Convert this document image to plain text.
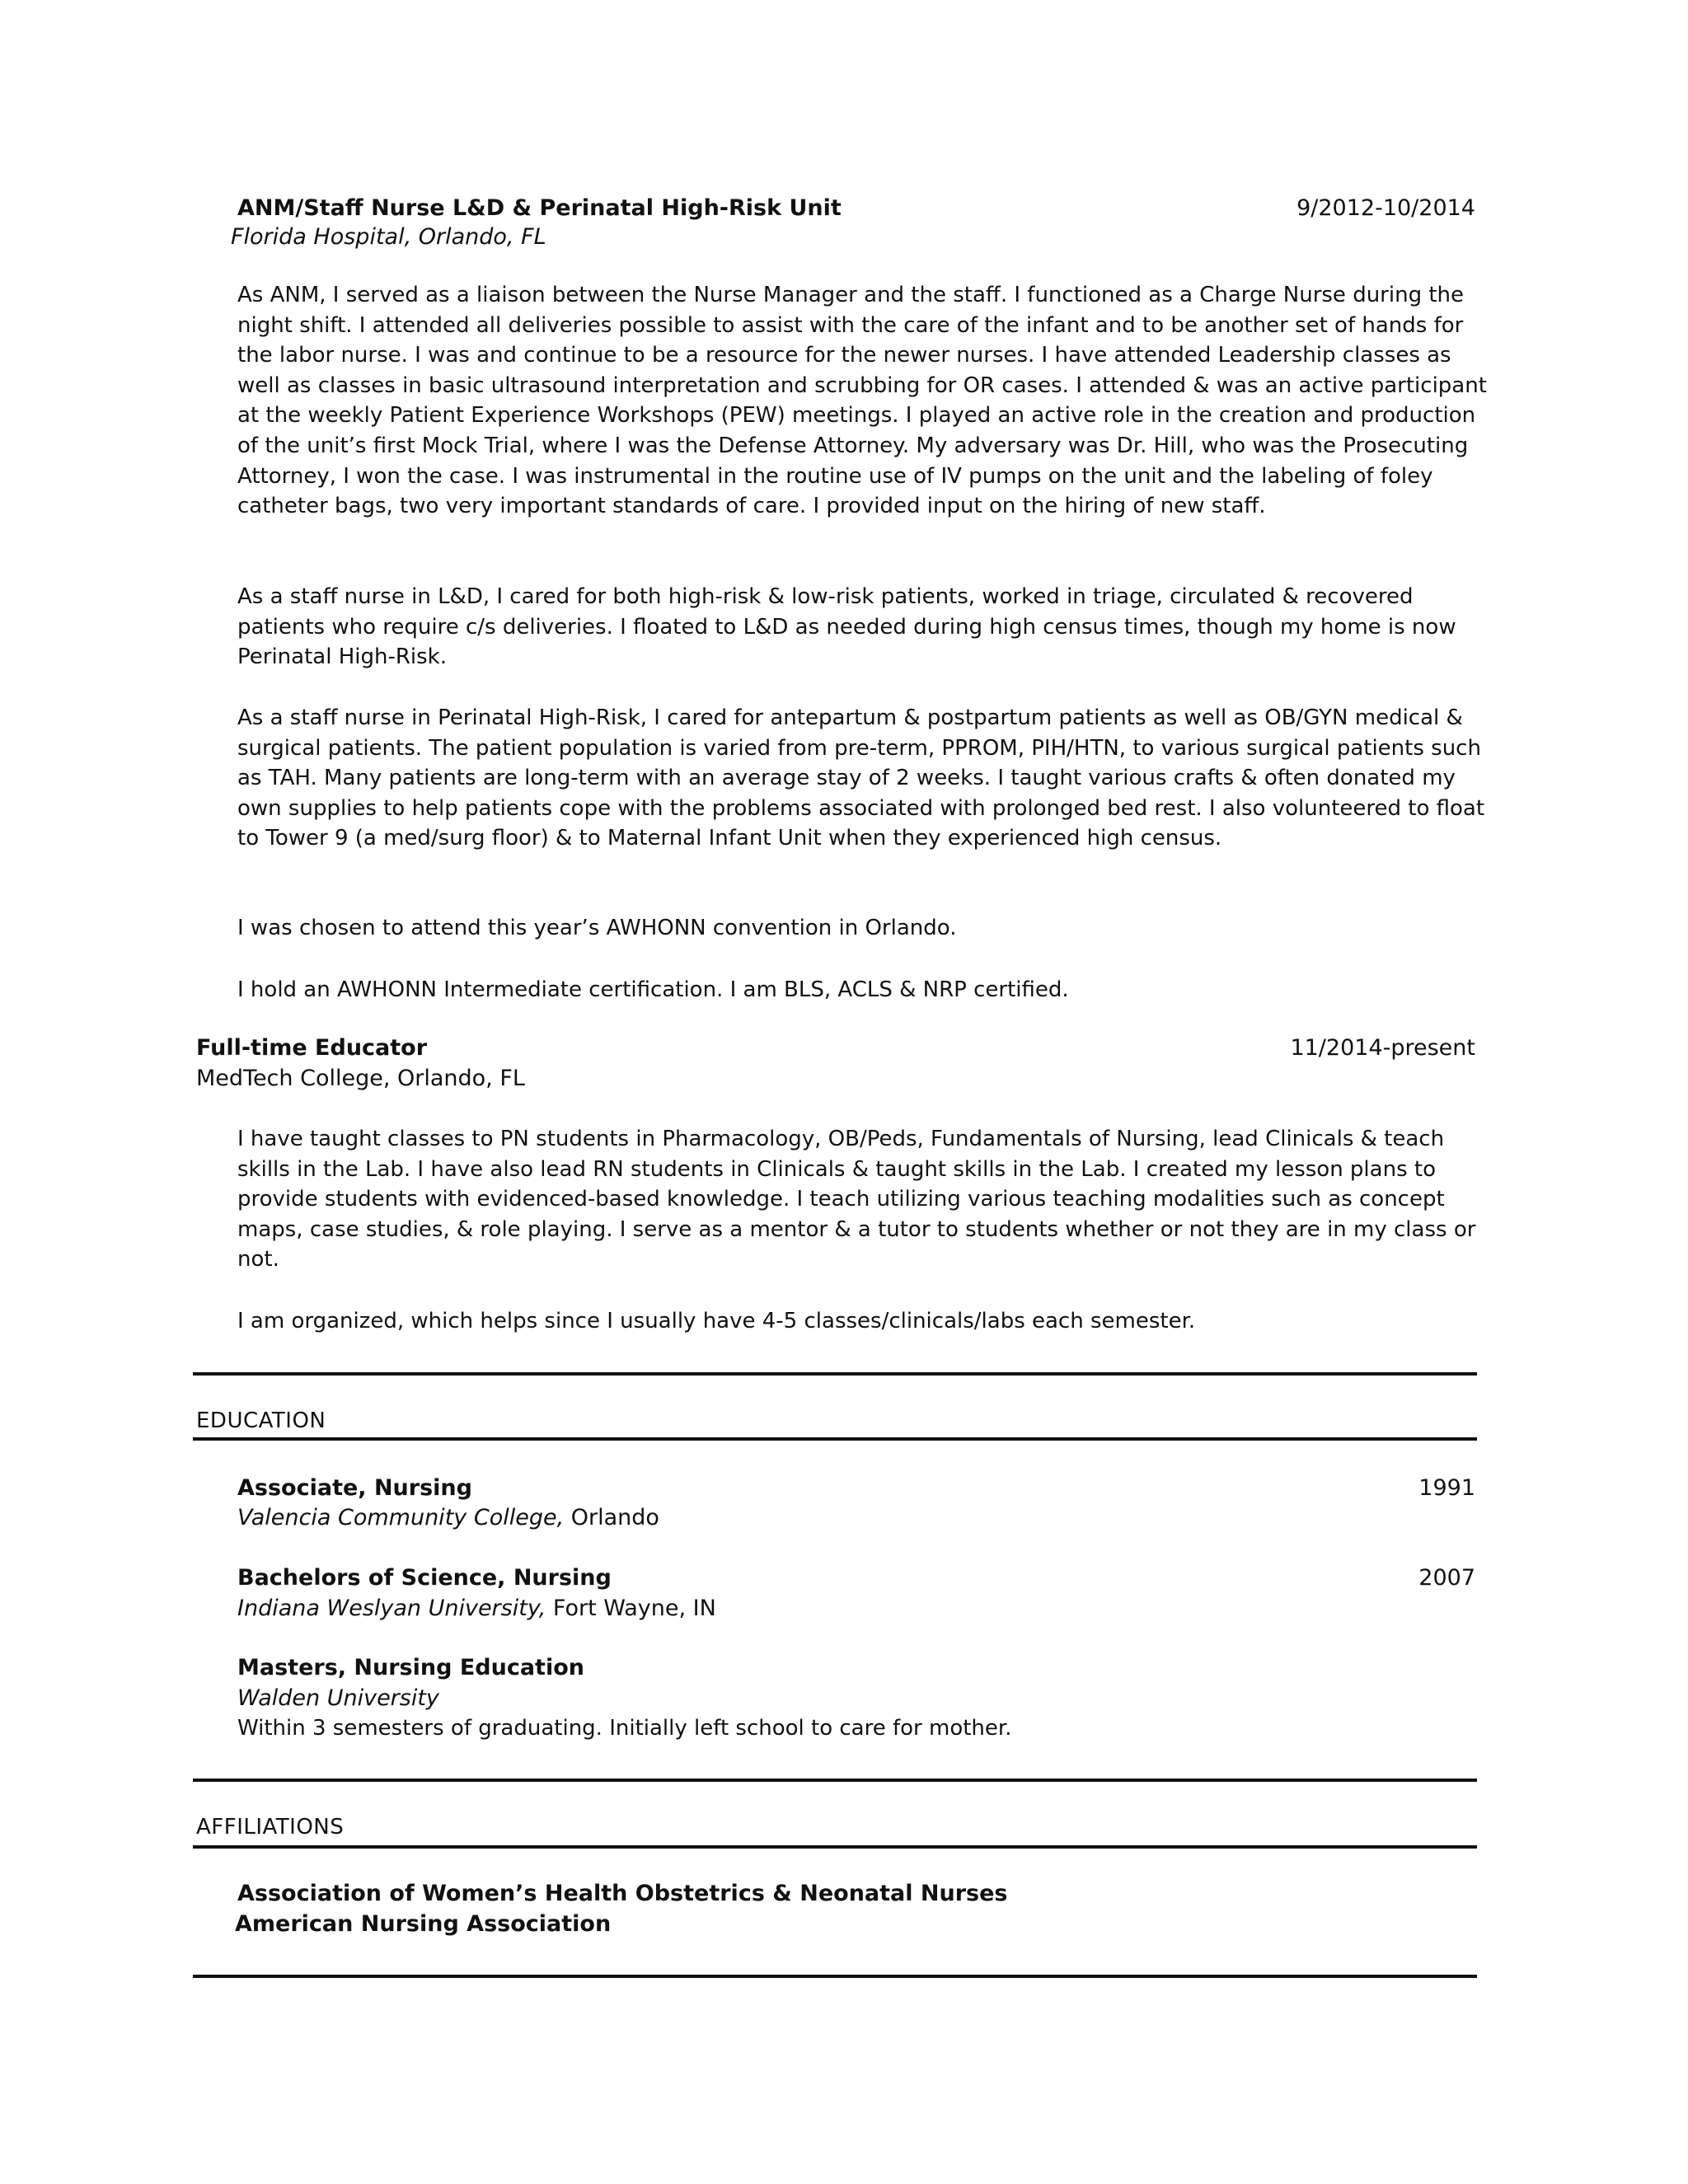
ANM/Staff Nurse L&D & Perinatal High-Risk Unit	9/2012-10/2014
Florida Hospital, Orlando, FL
As ANM, I served as a liaison between the Nurse Manager and the staff. I functioned as a Charge Nurse during the night shift. I attended all deliveries possible to assist with the care of the infant and to be another set of hands for the labor nurse. I was and continue to be a resource for the newer nurses. I have attended Leadership classes as well as classes in basic ultrasound interpretation and scrubbing for OR cases. I attended & was an active participant at the weekly Patient Experience Workshops (PEW) meetings. I played an active role in the creation and production of the unit’s first Mock Trial, where I was the Defense Attorney. My adversary was Dr. Hill, who was the Prosecuting Attorney, I won the case. I was instrumental in the routine use of IV pumps on the unit and the labeling of foley catheter bags, two very important standards of care. I provided input on the hiring of new staff.
As a staff nurse in L&D, I cared for both high-risk & low-risk patients, worked in triage, circulated & recovered patients who require c/s deliveries. I floated to L&D as needed during high census times, though my home is now Perinatal High-Risk.
As a staff nurse in Perinatal High-Risk, I cared for antepartum & postpartum patients as well as OB/GYN medical & surgical patients. The patient population is varied from pre-term, PPROM, PIH/HTN, to various surgical patients such as TAH. Many patients are long-term with an average stay of 2 weeks. I taught various crafts & often donated my own supplies to help patients cope with the problems associated with prolonged bed rest. I also volunteered to float to Tower 9 (a med/surg floor) & to Maternal Infant Unit when they experienced high census.
I was chosen to attend this year’s AWHONN convention in Orlando.
I hold an AWHONN Intermediate certification. I am BLS, ACLS & NRP certified.
Full-time Educator	11/2014-present
MedTech College, Orlando, FL
I have taught classes to PN students in Pharmacology, OB/Peds, Fundamentals of Nursing, lead Clinicals & teach skills in the Lab. I have also lead RN students in Clinicals & taught skills in the Lab. I created my lesson plans to provide students with evidenced-based knowledge. I teach utilizing various teaching modalities such as concept maps, case studies, & role playing. I serve as a mentor & a tutor to students whether or not they are in my class or not.
I am organized, which helps since I usually have 4-5 classes/clinicals/labs each semester.
EDUCATION
Associate, Nursing	1991
Valencia Community College, Orlando
Bachelors of Science, Nursing	2007
Indiana Weslyan University, Fort Wayne, IN
Masters, Nursing Education
Walden University
Within 3 semesters of graduating. Initially left school to care for mother.
AFFILIATIONS
Association of Women’s Health Obstetrics & Neonatal Nurses
American Nursing Association
